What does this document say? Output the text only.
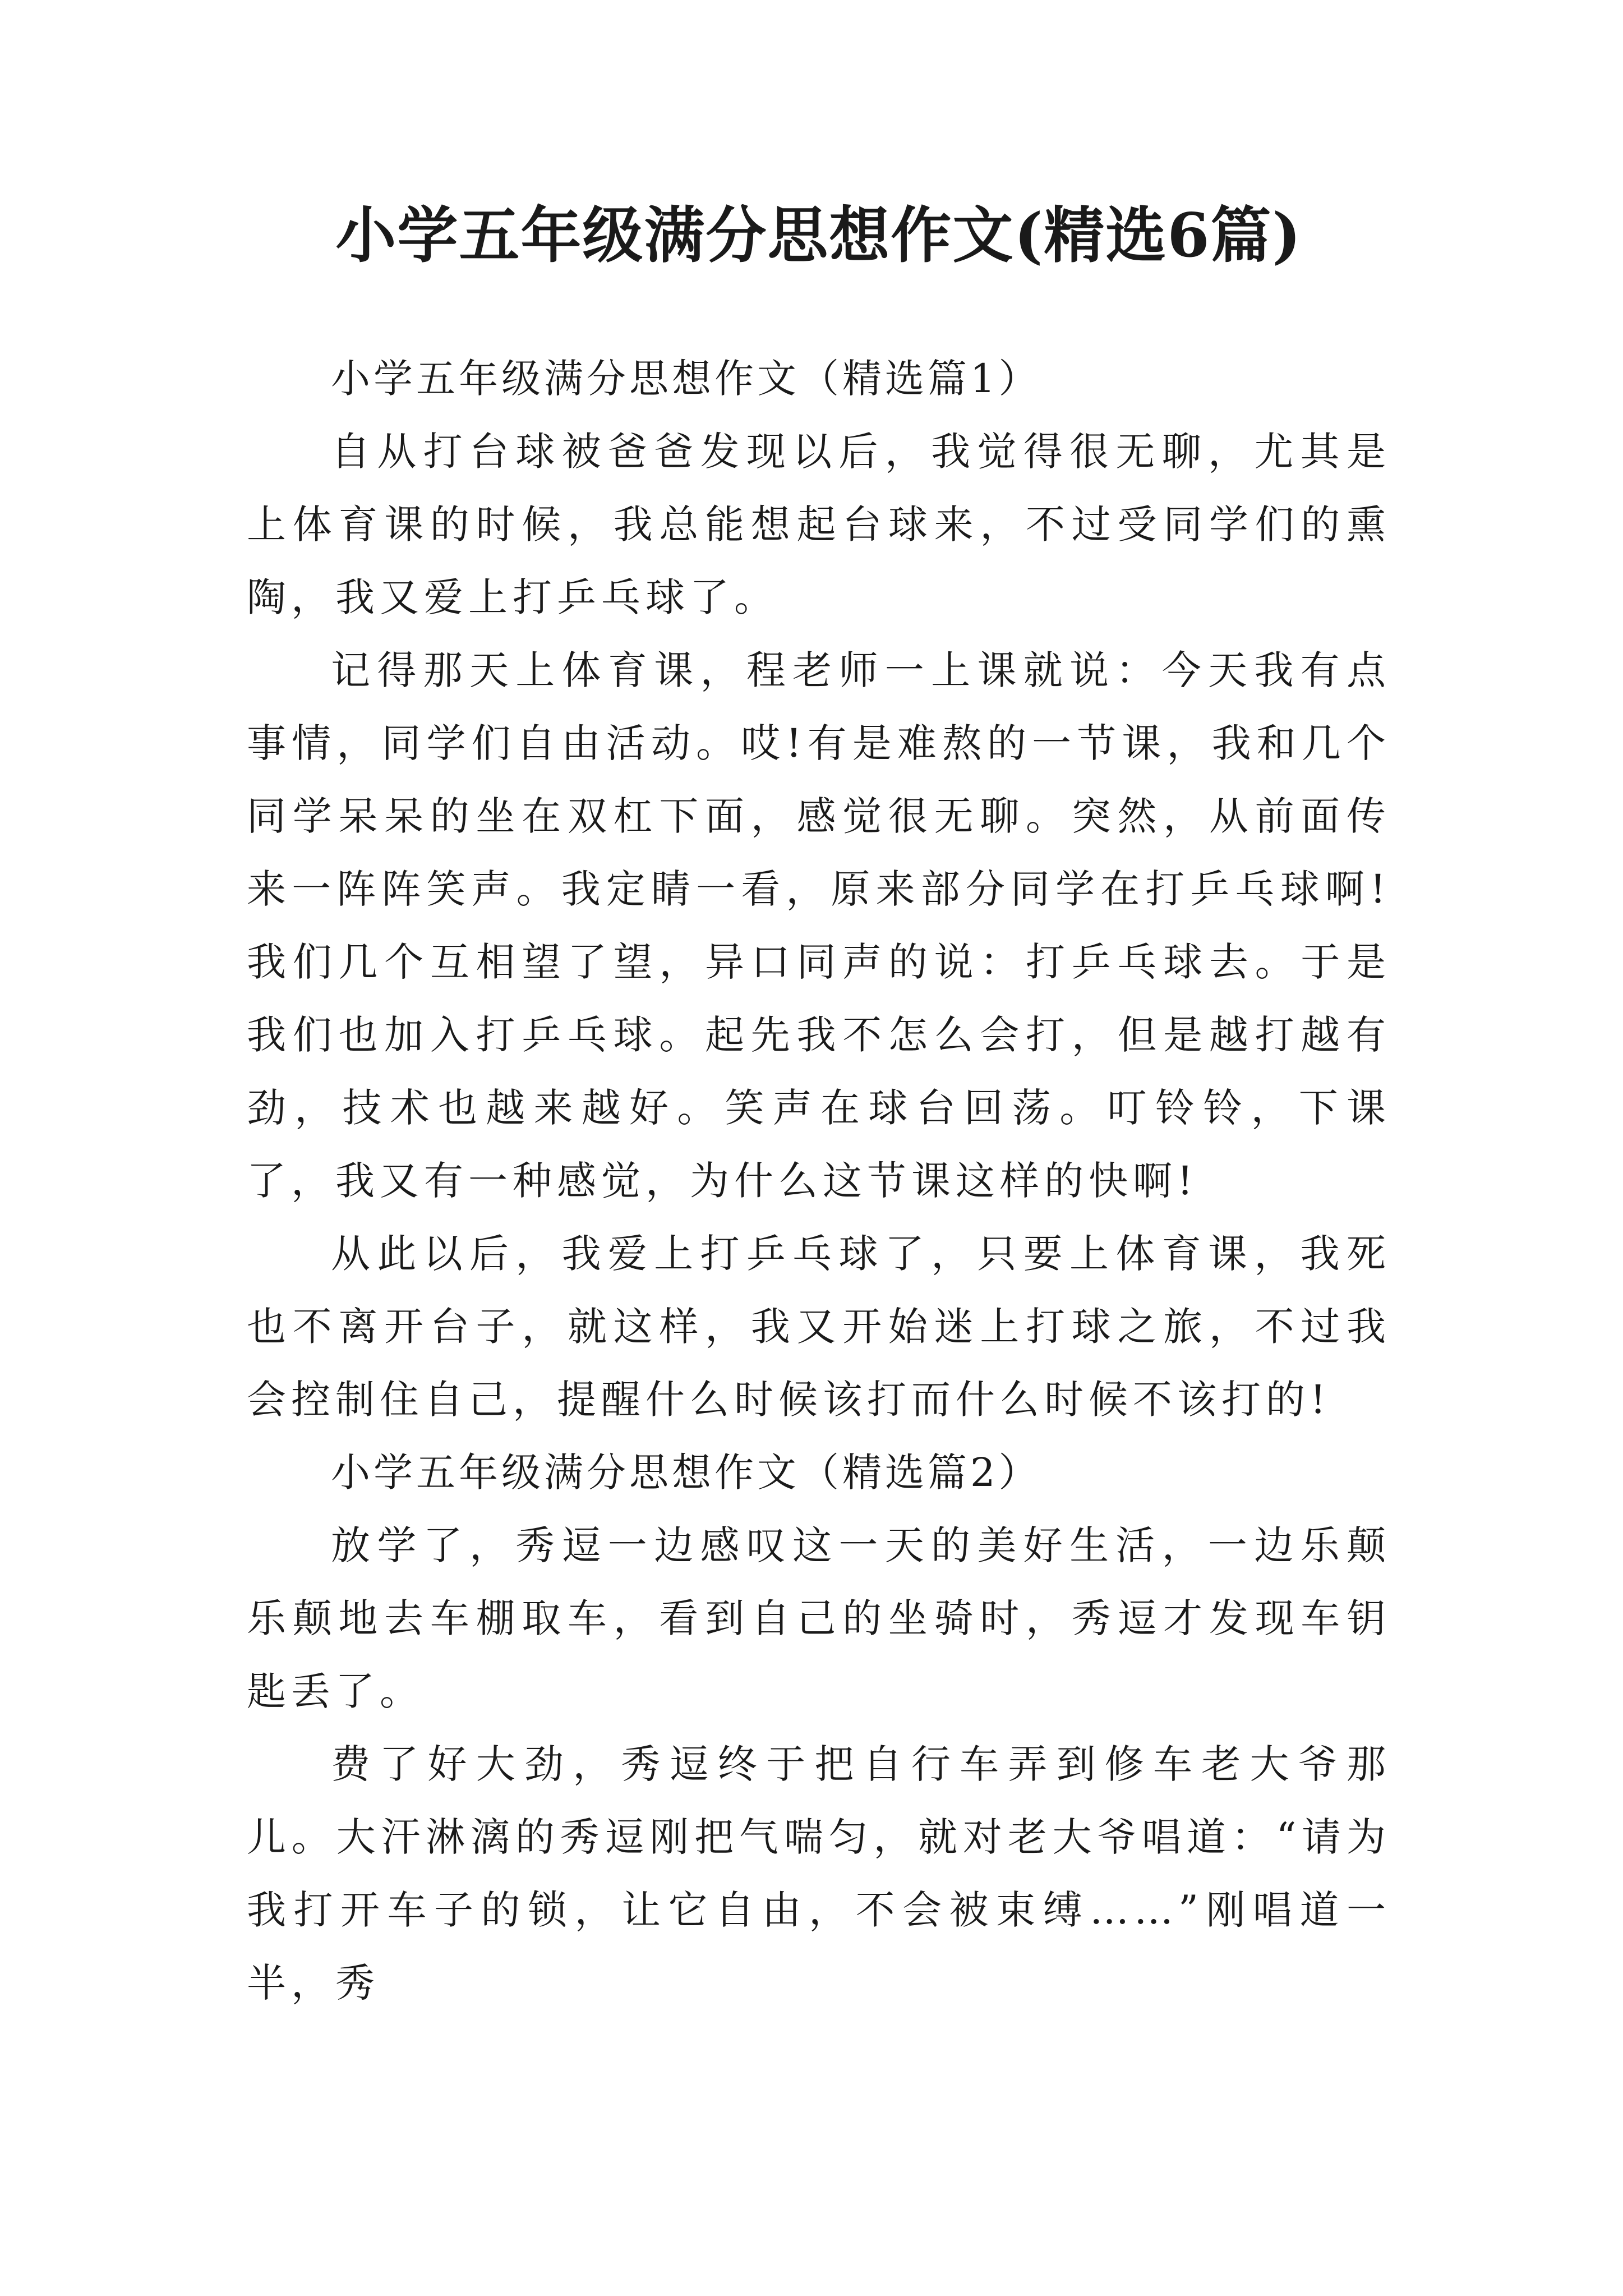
小学五年级满分思想作文(精选6篇)

小学五年级满分思想作文（精选篇1）

自从打台球被爸爸发现以后，我觉得很无聊，尤其是上体育课的时候，我总能想起台球来，不过受同学们的熏陶，我又爱上打乒乓球了。

记得那天上体育课，程老师一上课就说：今天我有点事情，同学们自由活动。哎!有是难熬的一节课，我和几个同学呆呆的坐在双杠下面，感觉很无聊。突然，从前面传来一阵阵笑声。我定睛一看，原来部分同学在打乒乓球啊!我们几个互相望了望，异口同声的说：打乒乓球去。于是我们也加入打乒乓球。起先我不怎么会打，但是越打越有劲，技术也越来越好。笑声在球台回荡。叮铃铃，下课了，我又有一种感觉，为什么这节课这样的快啊!

从此以后，我爱上打乒乓球了，只要上体育课，我死也不离开台子，就这样，我又开始迷上打球之旅，不过我会控制住自己，提醒什么时候该打而什么时候不该打的!

小学五年级满分思想作文（精选篇2）

放学了，秀逗一边感叹这一天的美好生活，一边乐颠乐颠地去车棚取车，看到自己的坐骑时，秀逗才发现车钥匙丢了。

费了好大劲，秀逗终于把自行车弄到修车老大爷那儿。大汗淋漓的秀逗刚把气喘匀，就对老大爷唱道：“请为我打开车子的锁，让它自由，不会被束缚……”刚唱道一半，秀
